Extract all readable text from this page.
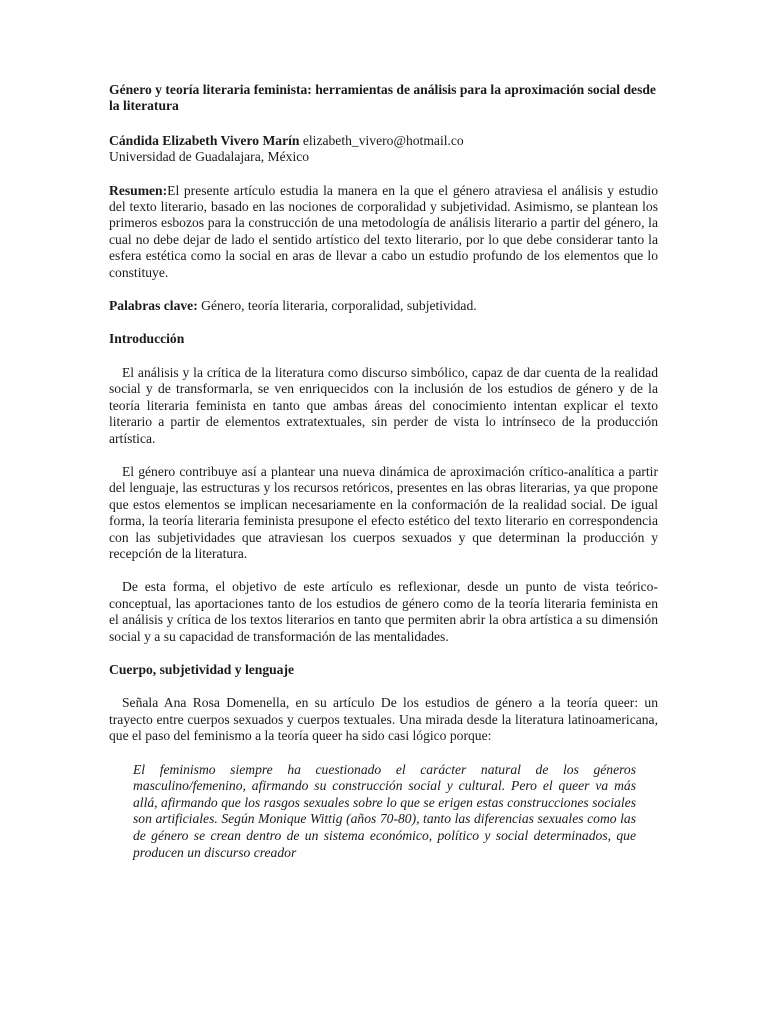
Género y teoría literaria feminista: herramientas de análisis para la aproximación social desde la literatura

Cándida Elizabeth Vivero Marín elizabeth_vivero@hotmail.co

Universidad de Guadalajara, México

Resumen:El presente artículo estudia la manera en la que el género atraviesa el análisis y estudio del texto literario, basado en las nociones de corporalidad y subjetividad. Asimismo, se plantean los primeros esbozos para la construcción de una metodología de análisis literario a partir del género, la cual no debe dejar de lado el sentido artístico del texto literario, por lo que debe considerar tanto la esfera estética como la social en aras de llevar a cabo un estudio profundo de los elementos que lo constituye.

Palabras clave: Género, teoría literaria, corporalidad, subjetividad.

Introducción

El análisis y la crítica de la literatura como discurso simbólico, capaz de dar cuenta de la realidad social y de transformarla, se ven enriquecidos con la inclusión de los estudios de género y de la teoría literaria feminista en tanto que ambas áreas del conocimiento intentan explicar el texto literario a partir de elementos extratextuales, sin perder de vista lo intrínseco de la producción artística.

El género contribuye así a plantear una nueva dinámica de aproximación crítico-analítica a partir del lenguaje, las estructuras y los recursos retóricos, presentes en las obras literarias, ya que propone que estos elementos se implican necesariamente en la conformación de la realidad social. De igual forma, la teoría literaria feminista presupone el efecto estético del texto literario en correspondencia con las subjetividades que atraviesan los cuerpos sexuados y que determinan la producción y recepción de la literatura.

De esta forma, el objetivo de este artículo es reflexionar, desde un punto de vista teórico-conceptual, las aportaciones tanto de los estudios de género como de la teoría literaria feminista en el análisis y crítica de los textos literarios en tanto que permiten abrir la obra artística a su dimensión social y a su capacidad de transformación de las mentalidades.

Cuerpo, subjetividad y lenguaje

Señala Ana Rosa Domenella, en su artículo De los estudios de género a la teoría queer: un trayecto entre cuerpos sexuados y cuerpos textuales. Una mirada desde la literatura latinoamericana, que el paso del feminismo a la teoría queer ha sido casi lógico porque:

El feminismo siempre ha cuestionado el carácter natural de los géneros masculino/femenino, afirmando su construcción social y cultural. Pero el queer va más allá, afirmando que los rasgos sexuales sobre lo que se erigen estas construcciones sociales son artificiales. Según Monique Wittig (años 70-80), tanto las diferencias sexuales como las de género se crean dentro de un sistema económico, político y social determinados, que producen un discurso creador
